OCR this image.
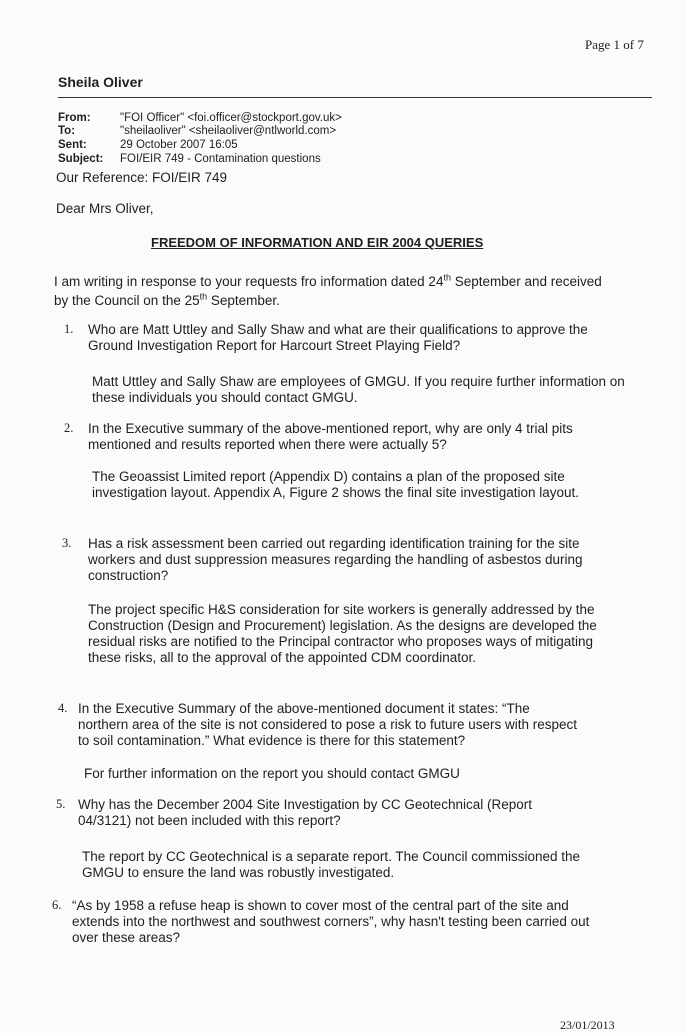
Page 1 of 7
Sheila Oliver
From:	"FOI Officer" <foi.officer@stockport.gov.uk>
To:	"sheilaoliver" <sheilaoliver@ntlworld.com>
Sent:	29 October 2007 16:05
Subject: FOI/EIR 749 - Contamination questions
Our Reference: FOI/EIR 749
Dear Mrs Oliver,
FREEDOM OF INFORMATION AND EIR 2004 QUERIES
I am writing in response to your requests fro information dated 24th September and received by the Council on the 25th September.
1. Who are Matt Uttley and Sally Shaw and what are their qualifications to approve the Ground Investigation Report for Harcourt Street Playing Field?
Matt Uttley and Sally Shaw are employees of GMGU. If you require further information on these individuals you should contact GMGU.
2. In the Executive summary of the above-mentioned report, why are only 4 trial pits mentioned and results reported when there were actually 5?
The Geoassist Limited report (Appendix D) contains a plan of the proposed site investigation layout. Appendix A, Figure 2 shows the final site investigation layout.
3. Has a risk assessment been carried out regarding identification training for the site workers and dust suppression measures regarding the handling of asbestos during construction?
The project specific H&S consideration for site workers is generally addressed by the Construction (Design and Procurement) legislation. As the designs are developed the residual risks are notified to the Principal contractor who proposes ways of mitigating these risks, all to the approval of the appointed CDM coordinator.
4. In the Executive Summary of the above-mentioned document it states: “The northern area of the site is not considered to pose a risk to future users with respect to soil contamination.” What evidence is there for this statement?
For further information on the report you should contact GMGU
5. Why has the December 2004 Site Investigation by CC Geotechnical (Report 04/3121) not been included with this report?
The report by CC Geotechnical is a separate report. The Council commissioned the GMGU to ensure the land was robustly investigated.
6. “As by 1958 a refuse heap is shown to cover most of the central part of the site and extends into the northwest and southwest corners”, why hasn't testing been carried out over these areas?
23/01/2013
